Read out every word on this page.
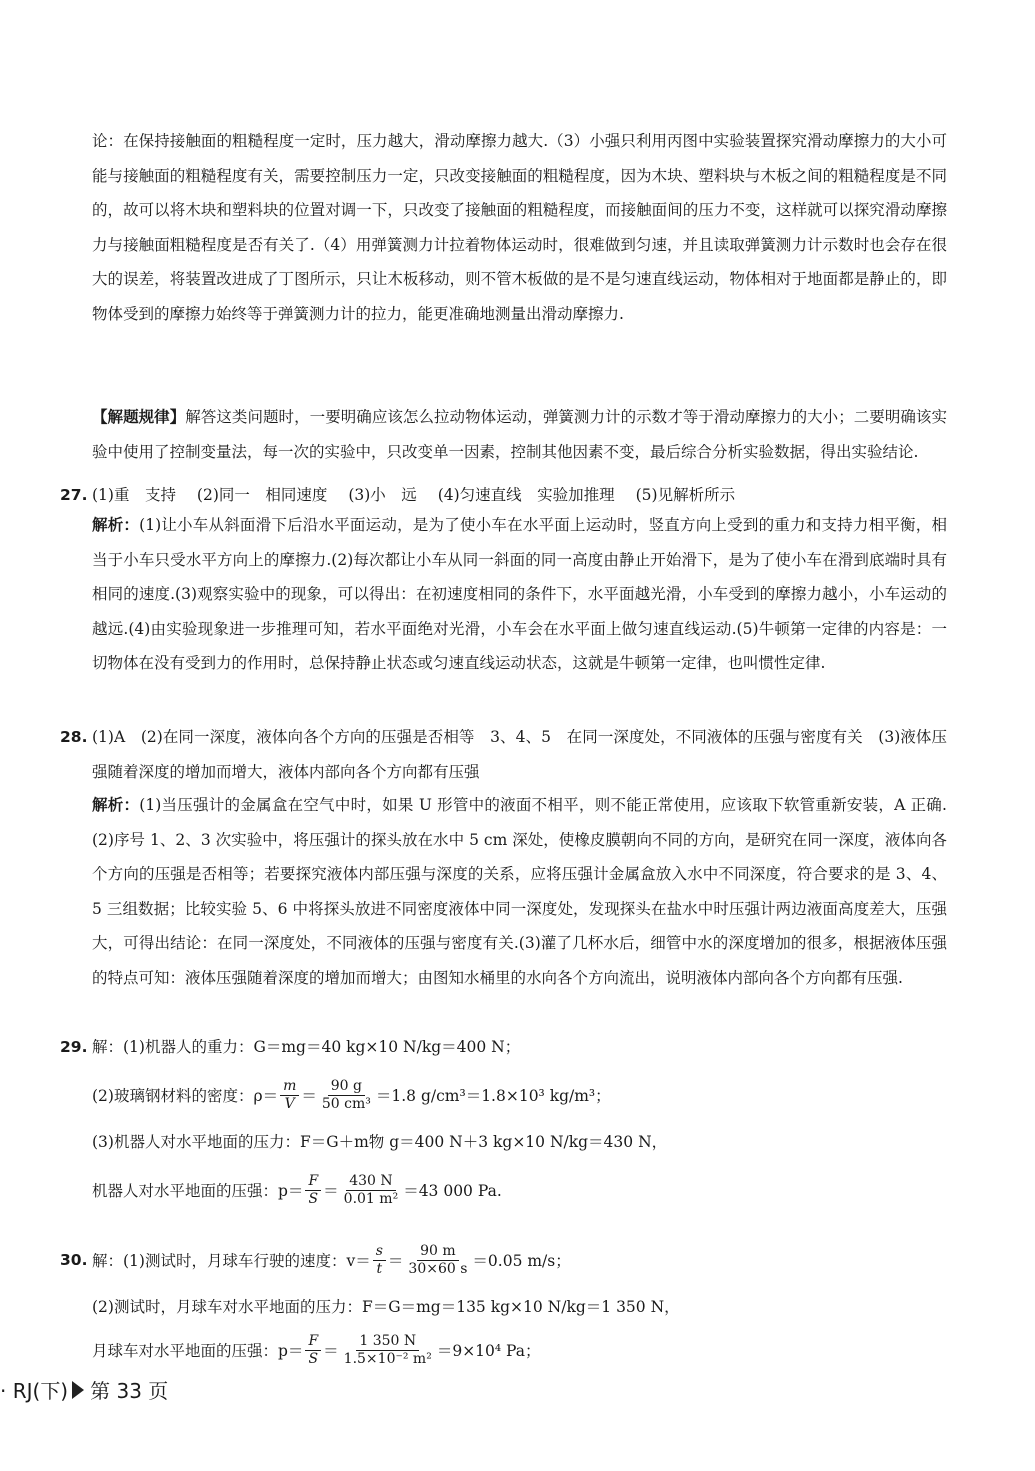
论：在保持接触面的粗糙程度一定时，压力越大，滑动摩擦力越大.（3）小强只利用丙图中实验装置探究滑动摩擦力的大小可能与接触面的粗糙程度有关，需要控制压力一定，只改变接触面的粗糙程度，因为木块、塑料块与木板之间的粗糙程度是不同的，故可以将木块和塑料块的位置对调一下，只改变了接触面的粗糙程度，而接触面间的压力不变，这样就可以探究滑动摩擦力与接触面粗糙程度是否有关了.（4）用弹簧测力计拉着物体运动时，很难做到匀速，并且读取弹簧测力计示数时也会存在很大的误差，将装置改进成了丁图所示，只让木板移动，则不管木板做的是不是匀速直线运动，物体相对于地面都是静止的，即物体受到的摩擦力始终等于弹簧测力计的拉力，能更准确地测量出滑动摩擦力.
【解题规律】解答这类问题时，一要明确应该怎么拉动物体运动，弹簧测力计的示数才等于滑动摩擦力的大小；二要明确该实验中使用了控制变量法，每一次的实验中，只改变单一因素，控制其他因素不变，最后综合分析实验数据，得出实验结论.
27. (1)重　支持 (2)同一　相同速度 (3)小　远 (4)匀速直线　实验加推理 (5)见解析所示
解析：(1)让小车从斜面滑下后沿水平面运动，是为了使小车在水平面上运动时，竖直方向上受到的重力和支持力相平衡，相当于小车只受水平方向上的摩擦力.(2)每次都让小车从同一斜面的同一高度由静止开始滑下，是为了使小车在滑到底端时具有相同的速度.(3)观察实验中的现象，可以得出：在初速度相同的条件下，水平面越光滑，小车受到的摩擦力越小，小车运动的越远.(4)由实验现象进一步推理可知，若水平面绝对光滑，小车会在水平面上做匀速直线运动.(5)牛顿第一定律的内容是：一切物体在没有受到力的作用时，总保持静止状态或匀速直线运动状态，这就是牛顿第一定律，也叫惯性定律.
28. (1)A　(2)在同一深度，液体向各个方向的压强是否相等　3、4、5　在同一深度处，不同液体的压强与密度有关　(3)液体压强随着深度的增加而增大，液体内部向各个方向都有压强
解析：(1)当压强计的金属盒在空气中时，如果 U 形管中的液面不相平，则不能正常使用，应该取下软管重新安装，A 正确.(2)序号 1、2、3 次实验中，将压强计的探头放在水中 5 cm 深处，使橡皮膜朝向不同的方向，是研究在同一深度，液体向各个方向的压强是否相等；若要探究液体内部压强与深度的关系，应将压强计金属盒放入水中不同深度，符合要求的是 3、4、5 三组数据；比较实验 5、6 中将探头放进不同密度液体中同一深度处，发现探头在盐水中时压强计两边液面高度差大，压强大，可得出结论：在同一深度处，不同液体的压强与密度有关.(3)灌了几杯水后，细管中水的深度增加的很多，根据液体压强的特点可知：液体压强随着深度的增加而增大；由图知水桶里的水向各个方向流出，说明液体内部向各个方向都有压强.
29. 解：(1)机器人的重力：G＝mg＝40 kg×10 N/kg＝400 N；
(2)玻璃钢材料的密度：$\rho= \frac{m}{V} = \frac{90 g}{\text{50 cm³}} =1.8$ g/cm³＝1.8×10³ kg/m³；
(3)机器人对水平地面的压力：F＝G＋m物 g＝400 N＋3 kg×10 N/kg＝430 N，
机器人对水平地面的压强：$p= \frac{F}{S} = \frac{430 N}{\text{0.01 m²}} =43$ 000 Pa.
30. 解：(1)测试时，月球车行驶的速度：$v= \frac{s}{t} = \frac{90 m}{30\times 60 s} =0.05$ m/s；
(2)测试时，月球车对水平地面的压力：F＝G＝mg＝135 kg×10 N/kg＝1 350 N，
月球车对水平地面的压强：$p= \frac{F}{S} = \frac{1 350 N}{\text{1.5×10⁻² m²}} =9\times 10^4$ Pa；
· RJ(下) 第 33 页
